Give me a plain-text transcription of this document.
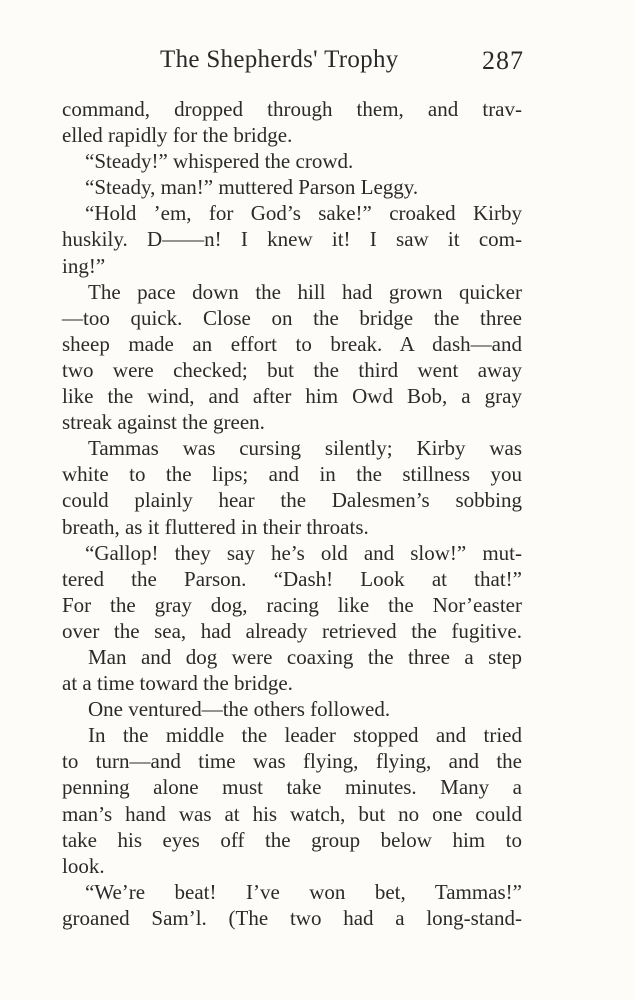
The Shepherds' Trophy	287
command, dropped through them, and trav-
elled rapidly for the bridge.
“Steady!” whispered the crowd.
“Steady, man!” muttered Parson Leggy.
“Hold ’em, for God’s sake!” croaked Kirby
huskily. D——n! I knew it! I saw it com-
ing!”
The pace down the hill had grown quicker
—too quick. Close on the bridge the three
sheep made an effort to break. A dash—and
two were checked; but the third went away
like the wind, and after him Owd Bob, a gray
streak against the green.
Tammas was cursing silently; Kirby was
white to the lips; and in the stillness you
could plainly hear the Dalesmen’s sobbing
breath, as it fluttered in their throats.
“Gallop! they say he’s old and slow!” mut-
tered the Parson. “Dash! Look at that!”
For the gray dog, racing like the Nor’easter
over the sea, had already retrieved the fugitive.
Man and dog were coaxing the three a step
at a time toward the bridge.
One ventured—the others followed.
In the middle the leader stopped and tried
to turn—and time was flying, flying, and the
penning alone must take minutes. Many a
man’s hand was at his watch, but no one could
take his eyes off the group below him to
look.
“We’re beat! I’ve won bet, Tammas!”
groaned Sam’l. (The two had a long-stand-
